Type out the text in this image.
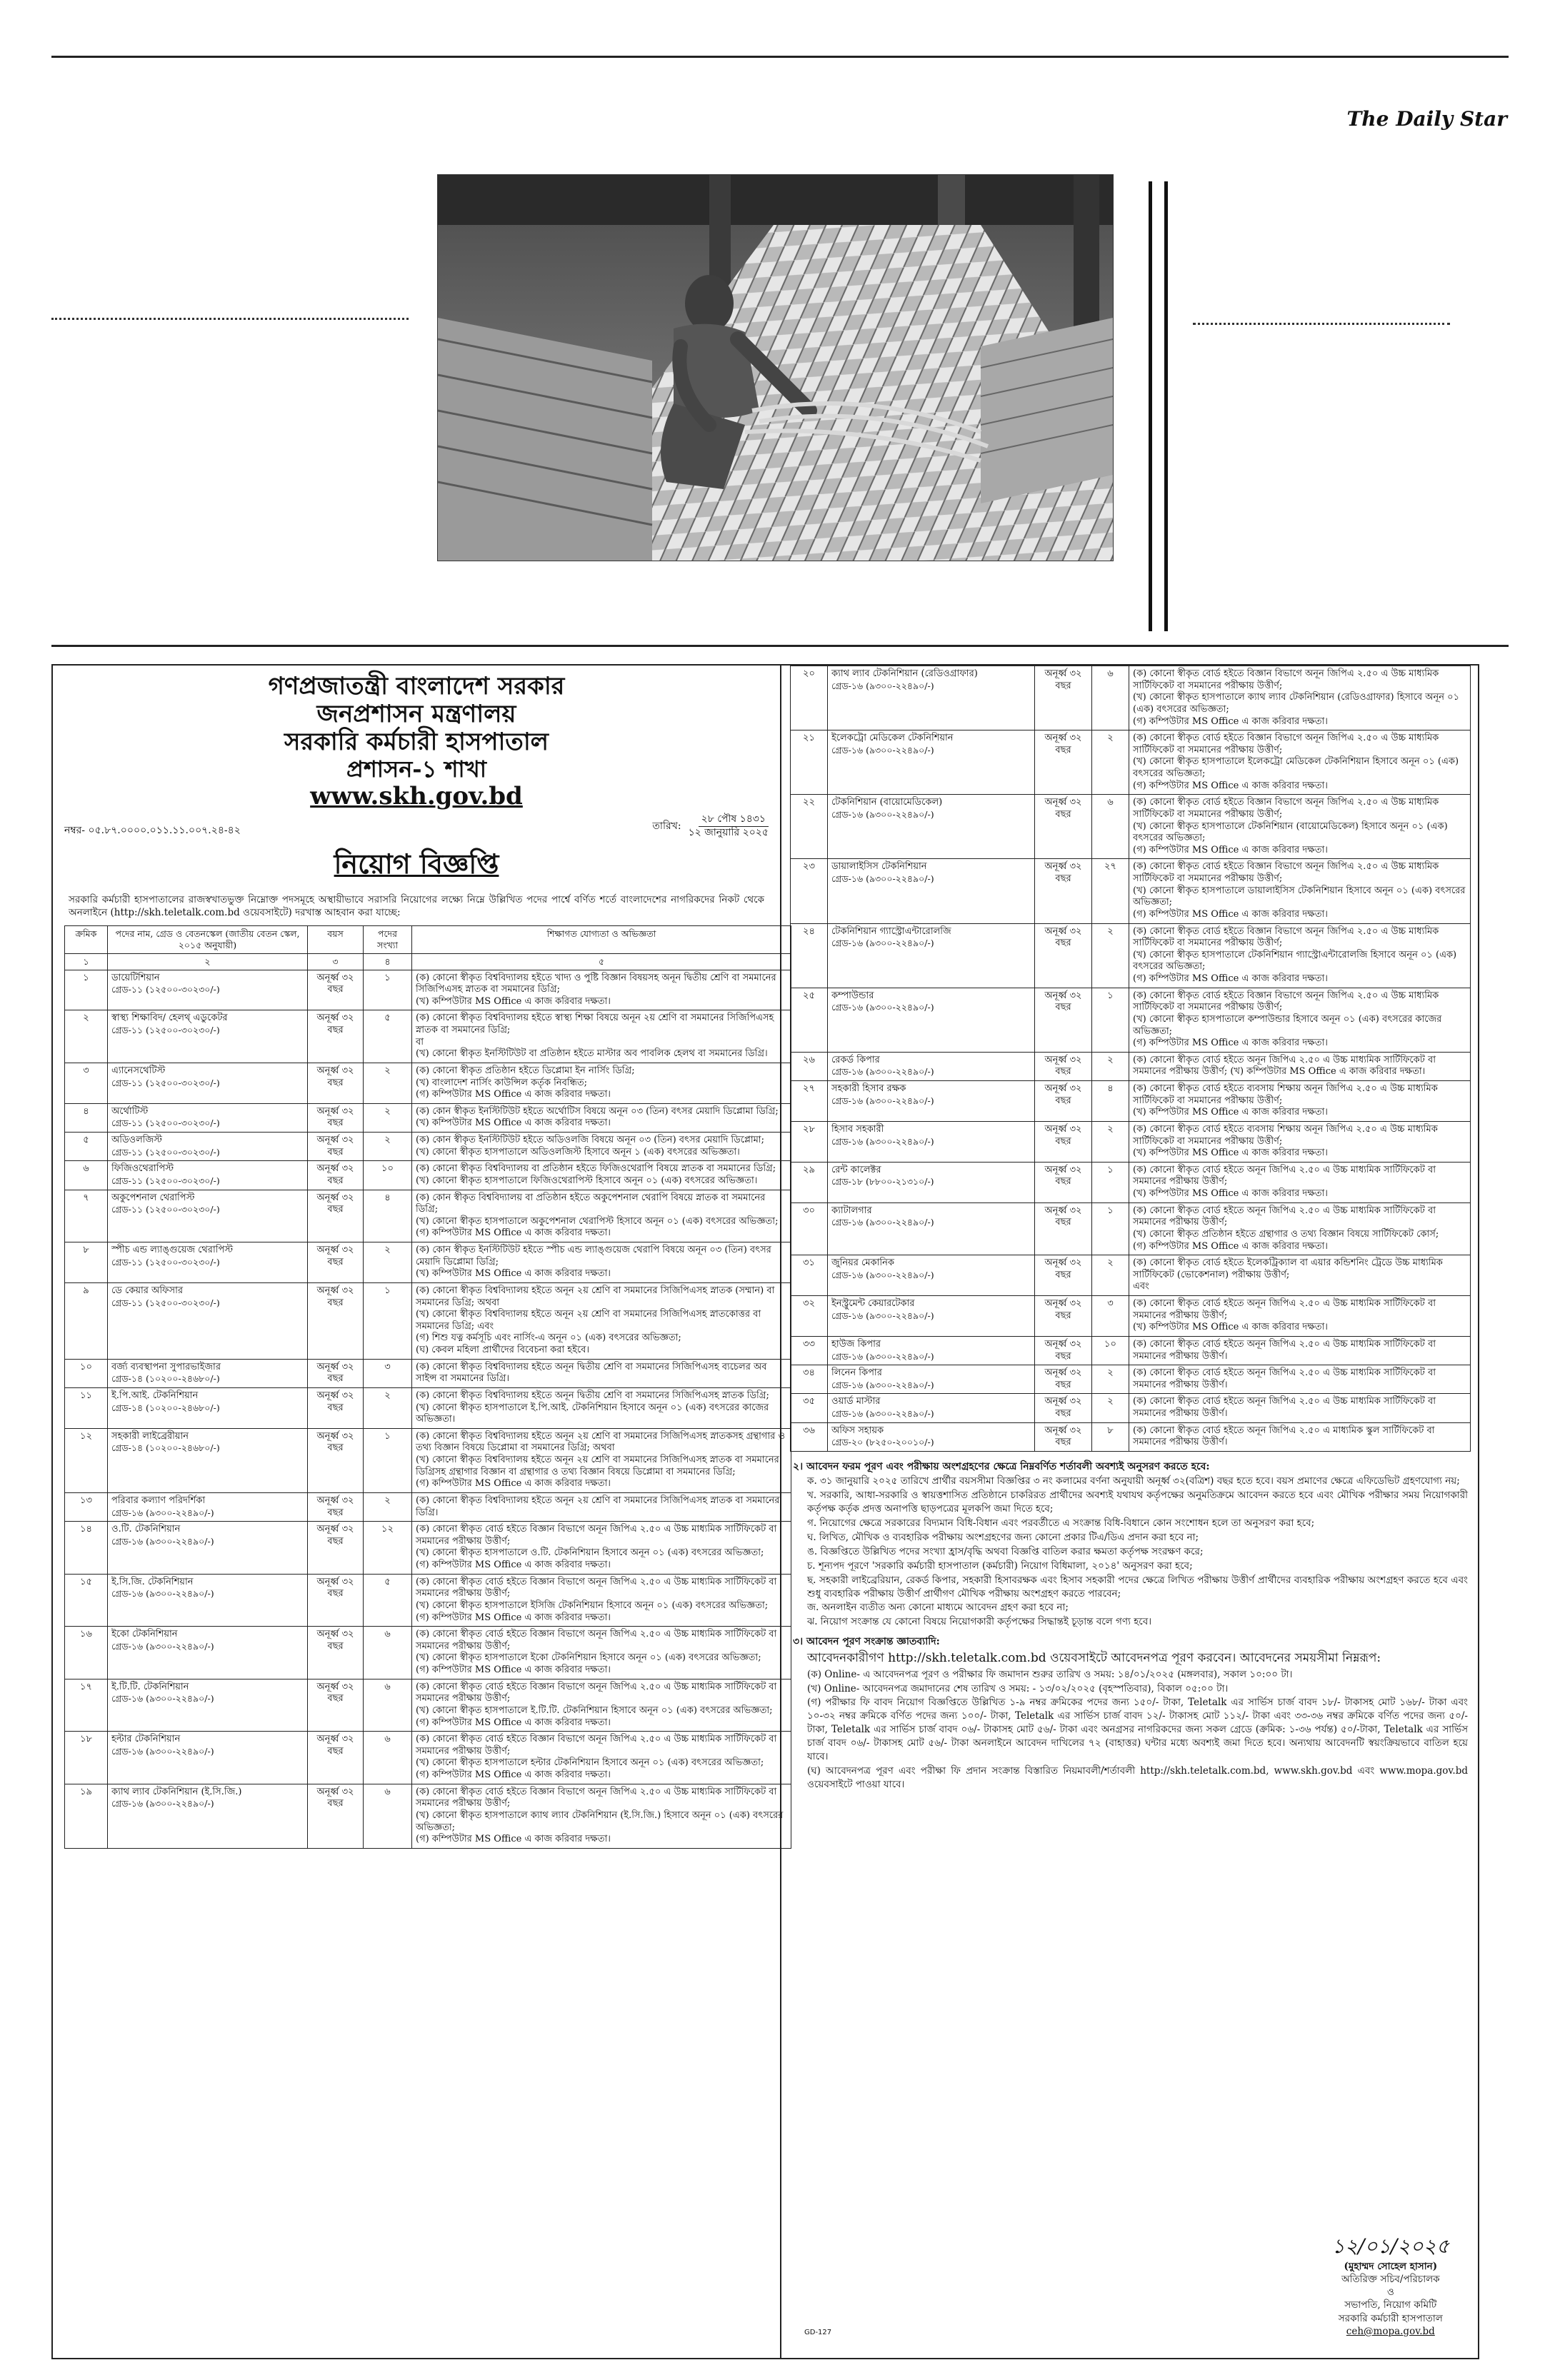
The Daily Star
গণপ্রজাতন্ত্রী বাংলাদেশ সরকার
জনপ্রশাসন মন্ত্রণালয়
সরকারি কর্মচারী হাসপাতাল
প্রশাসন-১ শাখা
www.skh.gov.bd
নম্বর- ০৫.৮৭.০০০০.০১১.১১.০০৭.২৪-৪২	তারিখ:
২৮ পৌষ ১৪৩১
১২ জানুয়ারি ২০২৫
নিয়োগ বিজ্ঞপ্তি
সরকারি কর্মচারী হাসপাতালের রাজস্বখাতভুক্ত নিম্নোক্ত পদসমূহে অস্থায়ীভাবে সরাসরি নিয়োগের লক্ষ্যে নিম্নে উল্লিখিত পদের পার্শ্বে বর্ণিত শর্তে বাংলাদেশের নাগরিকদের নিকট থেকে অনলাইনে (http://skh.teletalk.com.bd ওয়েবসাইটে) দরখাস্ত আহবান করা যাচ্ছে:
ক্রমিক	পদের নাম, গ্রেড ও বেতনস্কেল (জাতীয় বেতন স্কেল, ২০১৫ অনুযায়ী)	বয়স	পদের সংখ্যা	শিক্ষাগত যোগ্যতা ও অভিজ্ঞতা
১	২	৩	৪	৫
১	ডায়েটিশিয়ান
গ্রেড-১১ (১২৫০০-৩০২৩০/-)	অনূর্ধ্ব ৩২ বছর	১	(ক) কোনো স্বীকৃত বিশ্ববিদ্যালয় হইতে খাদ্য ও পুষ্টি বিজ্ঞান বিষয়সহ অনূন দ্বিতীয় শ্রেণি বা সমমানের সিজিপিএসহ স্নাতক বা সমমানের ডিগ্রি;
(খ) কম্পিউটার MS Office এ কাজ করিবার দক্ষতা।
২	স্বাস্থ্য শিক্ষাবিদ/ হেলথ্ এডুকেটর
গ্রেড-১১ (১২৫০০-৩০২৩০/-)	অনূর্ধ্ব ৩২ বছর	৫	(ক) কোনো স্বীকৃত বিশ্ববিদ্যালয় হইতে স্বাস্থ্য শিক্ষা বিষয়ে অনূন ২য় শ্রেণি বা সমমানের সিজিপিএসহ স্নাতক বা সমমানের ডিগ্রি;
বা
(খ) কোনো স্বীকৃত ইনস্টিটিউট বা প্রতিষ্ঠান হইতে মাস্টার অব পাবলিক হেলথ বা সমমানের ডিগ্রি।
৩	এ্যানেসথেটিস্ট
গ্রেড-১১ (১২৫০০-৩০২৩০/-)	অনূর্ধ্ব ৩২ বছর	২	(ক) কোনো স্বীকৃত প্রতিষ্ঠান হইতে ডিপ্লোমা ইন নার্সিং ডিগ্রি;
(খ) বাংলাদেশ নার্সিং কাউন্সিল কর্তৃক নিবন্ধিত;
(গ) কম্পিউটার MS Office এ কাজ করিবার দক্ষতা।
৪	অর্থোটিস্ট
গ্রেড-১১ (১২৫০০-৩০২৩০/-)	অনূর্ধ্ব ৩২ বছর	২	(ক) কোন স্বীকৃত ইনস্টিটিউট হইতে অর্থোটিস বিষয়ে অনূন ০৩ (তিন) বৎসর মেয়াদি ডিপ্লোমা ডিগ্রি;
(খ) কম্পিউটার MS Office এ কাজ করিবার দক্ষতা।
৫	অডিওলজিস্ট
গ্রেড-১১ (১২৫০০-৩০২৩০/-)	অনূর্ধ্ব ৩২ বছর	২	(ক) কোন স্বীকৃত ইনস্টিটিউট হইতে অডিওলজি বিষয়ে অনূন ০৩ (তিন) বৎসর মেয়াদি ডিপ্লোমা;
(খ) কোনো স্বীকৃত হাসপাতালে অডিওলজিস্ট হিসাবে অনূন ১ (এক) বৎসরের অভিজ্ঞতা।
৬	ফিজিওথেরাপিস্ট
গ্রেড-১১ (১২৫০০-৩০২৩০/-)	অনূর্ধ্ব ৩২ বছর	১০	(ক) কোনো স্বীকৃত বিশ্ববিদ্যালয় বা প্রতিষ্ঠান হইতে ফিজিওথেরাপি বিষয়ে স্নাতক বা সমমানের ডিগ্রি;
(খ) কোনো স্বীকৃত হাসপাতালে ফিজিওথেরাপিস্ট হিসাবে অনূন ০১ (এক) বৎসরের অভিজ্ঞতা।
৭	অকুপেশনাল থেরাপিস্ট
গ্রেড-১১ (১২৫০০-৩০২৩০/-)	অনূর্ধ্ব ৩২ বছর	৪	(ক) কোন স্বীকৃত বিশ্ববিদ্যালয় বা প্রতিষ্ঠান হইতে অকুপেশনাল থেরাপি বিষয়ে স্নাতক বা সমমানের ডিগ্রি;
(খ) কোনো স্বীকৃত হাসপাতালে অকুপেশনাল থেরাপিস্ট হিসাবে অনূন ০১ (এক) বৎসরের অভিজ্ঞতা;
(গ) কম্পিউটার MS Office এ কাজ করিবার দক্ষতা।
৮	স্পীচ এন্ড ল্যাঙ্গুয়েজ থেরাপিস্ট
গ্রেড-১১ (১২৫০০-৩০২৩০/-)	অনূর্ধ্ব ৩২ বছর	২	(ক) কোন স্বীকৃত ইনস্টিটিউট হইতে স্পীচ এন্ড ল্যাঙ্গুয়েজ থেরাপি বিষয়ে অনূন ০৩ (তিন) বৎসর মেয়াদি ডিপ্লোমা ডিগ্রি;
(খ) কম্পিউটার MS Office এ কাজ করিবার দক্ষতা।
৯	ডে কেয়ার অফিসার
গ্রেড-১১ (১২৫০০-৩০২৩০/-)	অনূর্ধ্ব ৩২ বছর	১	(ক) কোনো স্বীকৃত বিশ্ববিদ্যালয় হইতে অনূন ২য় শ্রেণি বা সমমানের সিজিপিএসহ স্নাতক (সম্মান) বা সমমানের ডিগ্রি; অথবা
(খ) কোনো স্বীকৃত বিশ্ববিদ্যালয় হইতে অনূন ২য় শ্রেণি বা সমমানের সিজিপিএসহ স্নাতকোত্তর বা সমমানের ডিগ্রি; এবং
(গ) শিশু যত্ন কর্মসূচি এবং নার্সিং-এ অনূন ০১ (এক) বৎসরের অভিজ্ঞতা;
(ঘ) কেবল মহিলা প্রার্থীদের বিবেচনা করা হইবে।
১০	বর্জ্য ব্যবস্থাপনা সুপারভাইজার
গ্রেড-১৪ (১০২০০-২৪৬৮০/-)	অনূর্ধ্ব ৩২ বছর	৩	(ক) কোনো স্বীকৃত বিশ্ববিদ্যালয় হইতে অনূন দ্বিতীয় শ্রেণি বা সমমানের সিজিপিএসহ ব্যচেলর অব সাইন্স বা সমমানের ডিগ্রি।
১১	ই.পি.আই. টেকনিশিয়ান
গ্রেড-১৪ (১০২০০-২৪৬৮০/-)	অনূর্ধ্ব ৩২ বছর	২	(ক) কোনো স্বীকৃত বিশ্ববিদ্যালয় হইতে অনূন দ্বিতীয় শ্রেণি বা সমমানের সিজিপিএসহ স্নাতক ডিগ্রি;
(খ) কোনো স্বীকৃত হাসপাতালে ই.পি.আই. টেকনিশিয়ান হিসাবে অনূন ০১ (এক) বৎসরের কাজের অভিজ্ঞতা।
১২	সহকারী লাইব্রেরীয়ান
গ্রেড-১৪ (১০২০০-২৪৬৮০/-)	অনূর্ধ্ব ৩২ বছর	১	(ক) কোনো স্বীকৃত বিশ্ববিদ্যালয় হইতে অনূন ২য় শ্রেণি বা সমমানের সিজিপিএসহ স্নাতকসহ গ্রন্থাগার ও তথ্য বিজ্ঞান বিষয়ে ডিপ্লোমা বা সমমানের ডিগ্রি; অথবা
(খ) কোনো স্বীকৃত বিশ্ববিদ্যালয় হইতে অনূন ২য় শ্রেণি বা সমমানের সিজিপিএসহ স্নাতক বা সমমানের ডিগ্রিসহ গ্রন্থাগার বিজ্ঞান বা গ্রন্থাগার ও তথ্য বিজ্ঞান বিষয়ে ডিপ্লোমা বা সমমানের ডিগ্রি;
(গ) কম্পিউটার MS Office এ কাজ করিবার দক্ষতা।
১৩	পরিবার কল্যাণ পরিদর্শিকা
গ্রেড-১৬ (৯৩০০-২২৪৯০/-)	অনূর্ধ্ব ৩২ বছর	২	(ক) কোনো স্বীকৃত বিশ্ববিদ্যালয় হইতে অনূন ২য় শ্রেণি বা সমমানের সিজিপিএসহ স্নাতক বা সমমানের ডিগ্রি।
১৪	ও.টি. টেকনিশিয়ান
গ্রেড-১৬ (৯৩০০-২২৪৯০/-)	অনূর্ধ্ব ৩২ বছর	১২	(ক) কোনো স্বীকৃত বোর্ড হইতে বিজ্ঞান বিভাগে অনূন জিপিএ ২.৫০ এ উচ্চ মাধ্যমিক সার্টিফিকেট বা সমমানের পরীক্ষায় উত্তীর্ণ;
(খ) কোনো স্বীকৃত হাসপাতালে ও.টি. টেকনিশিয়ান হিসাবে অনূন ০১ (এক) বৎসরের অভিজ্ঞতা;
(গ) কম্পিউটার MS Office এ কাজ করিবার দক্ষতা।
১৫	ই.সি.জি. টেকনিশিয়ান
গ্রেড-১৬ (৯৩০০-২২৪৯০/-)	অনূর্ধ্ব ৩২ বছর	৫	(ক) কোনো স্বীকৃত বোর্ড হইতে বিজ্ঞান বিভাগে অনূন জিপিএ ২.৫০ এ উচ্চ মাধ্যমিক সার্টিফিকেট বা সমমানের পরীক্ষায় উত্তীর্ণ;
(খ) কোনো স্বীকৃত হাসপাতালে ইসিজি টেকনিশিয়ান হিসাবে অনূন ০১ (এক) বৎসরের অভিজ্ঞতা;
(গ) কম্পিউটার MS Office এ কাজ করিবার দক্ষতা।
১৬	ইকো টেকনিশিয়ান
গ্রেড-১৬ (৯৩০০-২২৪৯০/-)	অনূর্ধ্ব ৩২ বছর	৬	(ক) কোনো স্বীকৃত বোর্ড হইতে বিজ্ঞান বিভাগে অনূন জিপিএ ২.৫০ এ উচ্চ মাধ্যমিক সার্টিফিকেট বা সমমানের পরীক্ষায় উত্তীর্ণ;
(খ) কোনো স্বীকৃত হাসপাতালে ইকো টেকনিশিয়ান হিসাবে অনূন ০১ (এক) বৎসরের অভিজ্ঞতা;
(গ) কম্পিউটার MS Office এ কাজ করিবার দক্ষতা।
১৭	ই.টি.টি. টেকনিশিয়ান
গ্রেড-১৬ (৯৩০০-২২৪৯০/-)	অনূর্ধ্ব ৩২ বছর	৬	(ক) কোনো স্বীকৃত বোর্ড হইতে বিজ্ঞান বিভাগে অনূন জিপিএ ২.৫০ এ উচ্চ মাধ্যমিক সার্টিফিকেট বা সমমানের পরীক্ষায় উত্তীর্ণ;
(খ) কোনো স্বীকৃত হাসপাতালে ই.টি.টি. টেকনিশিয়ান হিসাবে অনূন ০১ (এক) বৎসরের অভিজ্ঞতা;
(গ) কম্পিউটার MS Office এ কাজ করিবার দক্ষতা।
১৮	হল্টার টেকনিশিয়ান
গ্রেড-১৬ (৯৩০০-২২৪৯০/-)	অনূর্ধ্ব ৩২ বছর	৬	(ক) কোনো স্বীকৃত বোর্ড হইতে বিজ্ঞান বিভাগে অনূন জিপিএ ২.৫০ এ উচ্চ মাধ্যমিক সার্টিফিকেট বা সমমানের পরীক্ষায় উত্তীর্ণ;
(খ) কোনো স্বীকৃত হাসপাতালে হল্টার টেকনিশিয়ান হিসাবে অনূন ০১ (এক) বৎসরের অভিজ্ঞতা;
(গ) কম্পিউটার MS Office এ কাজ করিবার দক্ষতা।
১৯	ক্যাথ ল্যাব টেকনিশিয়ান (ই.সি.জি.)
গ্রেড-১৬ (৯৩০০-২২৪৯০/-)	অনূর্ধ্ব ৩২ বছর	৬	(ক) কোনো স্বীকৃত বোর্ড হইতে বিজ্ঞান বিভাগে অনূন জিপিএ ২.৫০ এ উচ্চ মাধ্যমিক সার্টিফিকেট বা সমমানের পরীক্ষায় উত্তীর্ণ;
(খ) কোনো স্বীকৃত হাসপাতালে ক্যাথ ল্যাব টেকনিশিয়ান (ই.সি.জি.) হিসাবে অনূন ০১ (এক) বৎসরের অভিজ্ঞতা;
(গ) কম্পিউটার MS Office এ কাজ করিবার দক্ষতা।
২০	ক্যাথ ল্যাব টেকনিশিয়ান (রেডিওগ্রাফার)
গ্রেড-১৬ (৯৩০০-২২৪৯০/-)	অনূর্ধ্ব ৩২ বছর	৬	(ক) কোনো স্বীকৃত বোর্ড হইতে বিজ্ঞান বিভাগে অনূন জিপিএ ২.৫০ এ উচ্চ মাধ্যমিক সার্টিফিকেট বা সমমানের পরীক্ষায় উত্তীর্ণ;
(খ) কোনো স্বীকৃত হাসপাতালে ক্যাথ ল্যাব টেকনিশিয়ান (রেডিওগ্রাফার) হিসাবে অনূন ০১ (এক) বৎসরের অভিজ্ঞতা;
(গ) কম্পিউটার MS Office এ কাজ করিবার দক্ষতা।
২১	ইলেকট্রো মেডিকেল টেকনিশিয়ান
গ্রেড-১৬ (৯৩০০-২২৪৯০/-)	অনূর্ধ্ব ৩২ বছর	২	(ক) কোনো স্বীকৃত বোর্ড হইতে বিজ্ঞান বিভাগে অনূন জিপিএ ২.৫০ এ উচ্চ মাধ্যমিক সার্টিফিকেট বা সমমানের পরীক্ষায় উত্তীর্ণ;
(খ) কোনো স্বীকৃত হাসপাতালে ইলেকট্রো মেডিকেল টেকনিশিয়ান হিসাবে অনূন ০১ (এক) বৎসরের অভিজ্ঞতা;
(গ) কম্পিউটার MS Office এ কাজ করিবার দক্ষতা।
২২	টেকনিশিয়ান (বায়োমেডিকেল)
গ্রেড-১৬ (৯৩০০-২২৪৯০/-)	অনূর্ধ্ব ৩২ বছর	৬	(ক) কোনো স্বীকৃত বোর্ড হইতে বিজ্ঞান বিভাগে অনূন জিপিএ ২.৫০ এ উচ্চ মাধ্যমিক সার্টিফিকেট বা সমমানের পরীক্ষায় উত্তীর্ণ;
(খ) কোনো স্বীকৃত হাসপাতালে টেকনিশিয়ান (বায়োমেডিকেল) হিসাবে অনূন ০১ (এক) বৎসরের অভিজ্ঞতা;
(গ) কম্পিউটার MS Office এ কাজ করিবার দক্ষতা।
২৩	ডায়ালাইসিস টেকনিশিয়ান
গ্রেড-১৬ (৯৩০০-২২৪৯০/-)	অনূর্ধ্ব ৩২ বছর	২৭	(ক) কোনো স্বীকৃত বোর্ড হইতে বিজ্ঞান বিভাগে অনূন জিপিএ ২.৫০ এ উচ্চ মাধ্যমিক সার্টিফিকেট বা সমমানের পরীক্ষায় উত্তীর্ণ;
(খ) কোনো স্বীকৃত হাসপাতালে ডায়ালাইসিস টেকনিশিয়ান হিসাবে অনূন ০১ (এক) বৎসরের অভিজ্ঞতা;
(গ) কম্পিউটার MS Office এ কাজ করিবার দক্ষতা।
২৪	টেকনিশিয়ান গ্যাস্ট্রোএন্টারোলজি
গ্রেড-১৬ (৯৩০০-২২৪৯০/-)	অনূর্ধ্ব ৩২ বছর	২	(ক) কোনো স্বীকৃত বোর্ড হইতে বিজ্ঞান বিভাগে অনূন জিপিএ ২.৫০ এ উচ্চ মাধ্যমিক সার্টিফিকেট বা সমমানের পরীক্ষায় উত্তীর্ণ;
(খ) কোনো স্বীকৃত হাসপাতালে টেকনিশিয়ান গ্যাস্ট্রোএন্টারোলজি হিসাবে অনূন ০১ (এক) বৎসরের অভিজ্ঞতা;
(গ) কম্পিউটার MS Office এ কাজ করিবার দক্ষতা।
২৫	কম্পাউন্ডার
গ্রেড-১৬ (৯৩০০-২২৪৯০/-)	অনূর্ধ্ব ৩২ বছর	১	(ক) কোনো স্বীকৃত বোর্ড হইতে বিজ্ঞান বিভাগে অনূন জিপিএ ২.৫০ এ উচ্চ মাধ্যমিক সার্টিফিকেট বা সমমানের পরীক্ষায় উত্তীর্ণ;
(খ) কোনো স্বীকৃত হাসপাতালে কম্পাউন্ডার হিসাবে অনূন ০১ (এক) বৎসরের কাজের অভিজ্ঞতা;
(গ) কম্পিউটার MS Office এ কাজ করিবার দক্ষতা।
২৬	রেকর্ড কিপার
গ্রেড-১৬ (৯৩০০-২২৪৯০/-)	অনূর্ধ্ব ৩২ বছর	২	(ক) কোনো স্বীকৃত বোর্ড হইতে অনূন জিপিএ ২.৫০ এ উচ্চ মাধ্যমিক সার্টিফিকেট বা সমমানের পরীক্ষায় উত্তীর্ণ; (খ) কম্পিউটার MS Office এ কাজ করিবার দক্ষতা।
২৭	সহকারী হিসাব রক্ষক
গ্রেড-১৬ (৯৩০০-২২৪৯০/-)	অনূর্ধ্ব ৩২ বছর	৪	(ক) কোনো স্বীকৃত বোর্ড হইতে ব্যবসায় শিক্ষায় অনূন জিপিএ ২.৫০ এ উচ্চ মাধ্যমিক সার্টিফিকেট বা সমমানের পরীক্ষায় উত্তীর্ণ;
(খ) কম্পিউটার MS Office এ কাজ করিবার দক্ষতা।
২৮	হিসাব সহকারী
গ্রেড-১৬ (৯৩০০-২২৪৯০/-)	অনূর্ধ্ব ৩২ বছর	২	(ক) কোনো স্বীকৃত বোর্ড হইতে ব্যবসায় শিক্ষায় অনূন জিপিএ ২.৫০ এ উচ্চ মাধ্যমিক সার্টিফিকেট বা সমমানের পরীক্ষায় উত্তীর্ণ;
(খ) কম্পিউটার MS Office এ কাজ করিবার দক্ষতা।
২৯	রেন্ট কালেক্টর
গ্রেড-১৮ (৮৮০০-২১৩১০/-)	অনূর্ধ্ব ৩২ বছর	১	(ক) কোনো স্বীকৃত বোর্ড হইতে অনূন জিপিএ ২.৫০ এ উচ্চ মাধ্যমিক সার্টিফিকেট বা সমমানের পরীক্ষায় উত্তীর্ণ;
(খ) কম্পিউটার MS Office এ কাজ করিবার দক্ষতা।
৩০	ক্যাটালগার
গ্রেড-১৬ (৯৩০০-২২৪৯০/-)	অনূর্ধ্ব ৩২ বছর	১	(ক) কোনো স্বীকৃত বোর্ড হইতে অনূন জিপিএ ২.৫০ এ উচ্চ মাধ্যমিক সার্টিফিকেট বা সমমানের পরীক্ষায় উত্তীর্ণ;
(খ) কোনো স্বীকৃত প্রতিষ্ঠান হইতে গ্রন্থাগার ও তথ্য বিজ্ঞান বিষয়ে সার্টিফিকেট কোর্স;
(গ) কম্পিউটার MS Office এ কাজ করিবার দক্ষতা।
৩১	জুনিয়র মেকানিক
গ্রেড-১৬ (৯৩০০-২২৪৯০/-)	অনূর্ধ্ব ৩২ বছর	২	(ক) কোনো স্বীকৃত বোর্ড হইতে ইলেকট্রিক্যাল বা এয়ার কন্ডিশনিং ট্রেডে উচ্চ মাধ্যমিক সার্টিফিকেট (ভোকেশনাল) পরীক্ষায় উত্তীর্ণ;
এবং
৩২	ইনস্ট্রুমেন্ট কেয়ারটেকার
গ্রেড-১৬ (৯৩০০-২২৪৯০/-)	অনূর্ধ্ব ৩২ বছর	৩	(ক) কোনো স্বীকৃত বোর্ড হইতে অনূন জিপিএ ২.৫০ এ উচ্চ মাধ্যমিক সার্টিফিকেট বা সমমানের পরীক্ষায় উত্তীর্ণ;
(খ) কম্পিউটার MS Office এ কাজ করিবার দক্ষতা।
৩৩	হাউজ কিপার
গ্রেড-১৬ (৯৩০০-২২৪৯০/-)	অনূর্ধ্ব ৩২ বছর	১০	(ক) কোনো স্বীকৃত বোর্ড হইতে অনূন জিপিএ ২.৫০ এ উচ্চ মাধ্যমিক সার্টিফিকেট বা সমমানের পরীক্ষায় উত্তীর্ণ।
৩৪	লিনেন কিপার
গ্রেড-১৬ (৯৩০০-২২৪৯০/-)	অনূর্ধ্ব ৩২ বছর	২	(ক) কোনো স্বীকৃত বোর্ড হইতে অনূন জিপিএ ২.৫০ এ উচ্চ মাধ্যমিক সার্টিফিকেট বা সমমানের পরীক্ষায় উত্তীর্ণ।
৩৫	ওয়ার্ড মাস্টার
গ্রেড-১৬ (৯৩০০-২২৪৯০/-)	অনূর্ধ্ব ৩২ বছর	২	(ক) কোনো স্বীকৃত বোর্ড হইতে অনূন জিপিএ ২.৫০ এ উচ্চ মাধ্যমিক সার্টিফিকেট বা সমমানের পরীক্ষায় উত্তীর্ণ।
৩৬	অফিস সহায়ক
গ্রেড-২০ (৮২৫০-২০০১০/-)	অনূর্ধ্ব ৩২ বছর	৮	(ক) কোনো স্বীকৃত বোর্ড হইতে অনূন জিপিএ ২.৫০ এ মাধ্যমিক স্কুল সার্টিফিকেট বা সমমানের পরীক্ষায় উত্তীর্ণ।
২। আবেদন ফরম পূরণ এবং পরীক্ষায় অংশগ্রহণের ক্ষেত্রে নিম্নবর্ণিত শর্তাবলী অবশ্যই অনুসরণ করতে হবে:

ক. ৩১ জানুয়ারি ২০২৫ তারিখে প্রার্থীর বয়সসীমা বিজ্ঞপ্তির ৩ নং কলামের বর্ণনা অনুযায়ী অনূর্ধ্ব ৩২(বত্রিশ) বছর হতে হবে। বয়স প্রমাণের ক্ষেত্রে এফিডেভিট গ্রহণযোগ্য নয়;

খ. সরকারি, আধা-সরকারি ও স্বায়ত্তশাসিত প্রতিষ্ঠানে চাকরিরত প্রার্থীদের অবশ্যই যথাযথ কর্তৃপক্ষের অনুমতিক্রমে আবেদন করতে হবে এবং মৌখিক পরীক্ষার সময় নিয়োগকারী কর্তৃপক্ষ কর্তৃক প্রদত্ত অনাপত্তি ছাড়পত্রের মূলকপি জমা দিতে হবে;

গ. নিয়োগের ক্ষেত্রে সরকারের বিদ্যমান বিধি-বিধান এবং পরবর্তীতে এ সংক্রান্ত বিধি-বিধানে কোন সংশোধন হলে তা অনুসরণ করা হবে;

ঘ. লিখিত, মৌখিক ও ব্যবহারিক পরীক্ষায় অংশগ্রহণের জন্য কোনো প্রকার টিএ/ডিএ প্রদান করা হবে না;

ঙ. বিজ্ঞপ্তিতে উল্লিখিত পদের সংখ্যা হ্রাস/বৃদ্ধি অথবা বিজ্ঞপ্তি বাতিল করার ক্ষমতা কর্তৃপক্ষ সংরক্ষণ করে;

চ. শূন্যপদ পূরণে 'সরকারি কর্মচারী হাসপাতাল (কর্মচারী) নিয়োগ বিধিমালা, ২০১৪' অনুসরণ করা হবে;

ছ. সহকারী লাইব্রেরিয়ান, রেকর্ড কিপার, সহকারী হিসাবরক্ষক এবং হিসাব সহকারী পদের ক্ষেত্রে লিখিত পরীক্ষায় উত্তীর্ণ প্রার্থীদের ব্যবহারিক পরীক্ষায় অংশগ্রহণ করতে হবে এবং শুধু ব্যবহারিক পরীক্ষায় উত্তীর্ণ প্রার্থীগণ মৌখিক পরীক্ষায় অংশগ্রহণ করতে পারবেন;

জ. অনলাইন ব্যতীত অন্য কোনো মাধ্যমে আবেদন গ্রহণ করা হবে না;

ঝ. নিয়োগ সংক্রান্ত যে কোনো বিষয়ে নিয়োগকারী কর্তৃপক্ষের সিদ্ধান্তই চূড়ান্ত বলে গণ্য হবে।

৩। আবেদন পূরণ সংক্রান্ত জ্ঞাতব্যাদি:

আবেদনকারীগণ http://skh.teletalk.com.bd ওয়েবসাইটে আবেদনপত্র পূরণ করবেন। আবেদনের সময়সীমা নিম্নরূপ:

(ক) Online- এ আবেদনপত্র পূরণ ও পরীক্ষার ফি জমাদান শুরুর তারিখ ও সময়: ১৪/০১/২০২৫ (মঙ্গলবার), সকাল ১০:০০ টা।

(খ) Online- আবেদনপত্র জমাদানের শেষ তারিখ ও সময়: - ১৩/০২/২০২৫ (বৃহস্পতিবার), বিকাল ০৫:০০ টা।

(গ) পরীক্ষার ফি বাবদ নিয়োগ বিজ্ঞপ্তিতে উল্লিখিত ১-৯ নম্বর ক্রমিকের পদের জন্য ১৫০/- টাকা, Teletalk এর সার্ভিস চার্জ বাবদ ১৮/- টাকাসহ মোট ১৬৮/- টাকা এবং ১০-৩২ নম্বর ক্রমিকে বর্ণিত পদের জন্য ১০০/- টাকা, Teletalk এর সার্ভিস চার্জ বাবদ ১২/- টাকাসহ মোট ১১২/- টাকা এবং ৩৩-৩৬ নম্বর ক্রমিকে বর্ণিত পদের জন্য ৫০/- টাকা, Teletalk এর সার্ভিস চার্জ বাবদ ০৬/- টাকাসহ মোট ৫৬/- টাকা এবং অনগ্রসর নাগরিকদের জন্য সকল গ্রেডে (ক্রমিক: ১-৩৬ পর্যন্ত) ৫০/-টাকা, Teletalk এর সার্ভিস চার্জ বাবদ ০৬/- টাকাসহ মোট ৫৬/- টাকা অনলাইনে আবেদন দাখিলের ৭২ (বাহাত্তর) ঘন্টার মধ্যে অবশ্যই জমা দিতে হবে। অন্যথায় আবেদনটি স্বয়ংক্রিয়ভাবে বাতিল হয়ে যাবে।

(ঘ) আবেদনপত্র পূরণ এবং পরীক্ষা ফি প্রদান সংক্রান্ত বিস্তারিত নিয়মাবলী/শর্তাবলী http://skh.teletalk.com.bd, www.skh.gov.bd এবং www.mopa.gov.bd ওয়েবসাইটে পাওয়া যাবে।

১২/০১/২০২৫
(মুহাম্মদ সোহেল হাসান)
অতিরিক্ত সচিব/পরিচালক
ও
সভাপতি, নিয়োগ কমিটি
সরকারি কর্মচারী হাসপাতাল
ceh@mopa.gov.bd
GD-127
